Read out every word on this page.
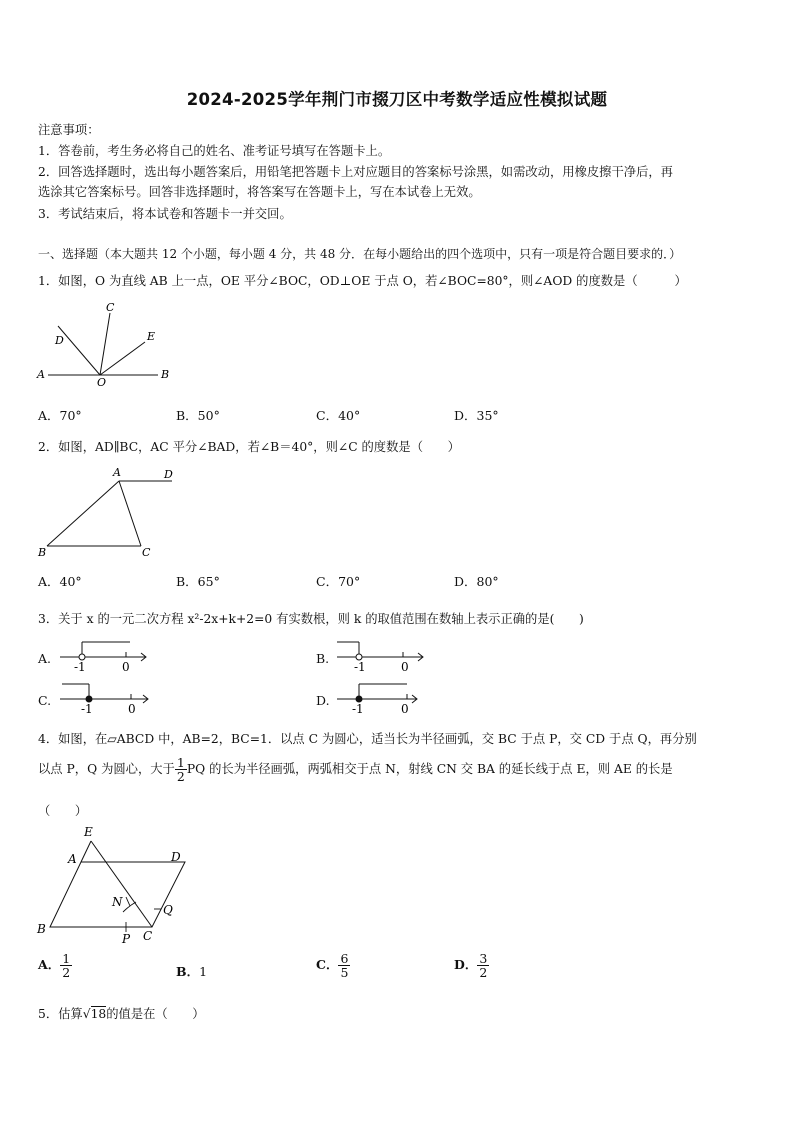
2024-2025学年荆门市掇刀区中考数学适应性模拟试题
注意事项：
1．答卷前，考生务必将自己的姓名、准考证号填写在答题卡上。
2．回答选择题时，选出每小题答案后，用铅笔把答题卡上对应题目的答案标号涂黑，如需改动，用橡皮擦干净后，再
选涂其它答案标号。回答非选择题时，将答案写在答题卡上，写在本试卷上无效。
3．考试结束后，将本试卷和答题卡一并交回。
一、选择题（本大题共 12 个小题，每小题 4 分，共 48 分．在每小题给出的四个选项中，只有一项是符合题目要求的．）
1．如图，O 为直线 AB 上一点，OE 平分∠BOC，OD⊥OE 于点 O，若∠BOC=80°，则∠AOD 的度数是（　　　）
A	B
C
D	E
O
A．70°	B．50°	C．40°	D．35°
2．如图，AD∥BC，AC 平分∠BAD，若∠B＝40°，则∠C 的度数是（　　）
A	D
B	C
A．40°	B．65°	C．70°	D．80°
3．关于 x 的一元二次方程 x²-2x+k+2=0 有实数根，则 k 的取值范围在数轴上表示正确的是(　　)
A.
-1	0
B.
-1	0
C.
-1	0
D.
-1	0
4．如图，在▱ABCD 中，AB=2，BC=1．以点 C 为圆心，适当长为半径画弧，交 BC 于点 P，交 CD 于点 Q，再分别
以点 P，Q 为圆心，大于 $\frac{1}{2}$ PQ 的长为半径画弧，两弧相交于点 N，射线 CN 交 BA 的延长线于点 E，则 AE 的长是
（　　）
E
A	D
N
Q
B
P C
A． $\frac{1}{2}$	B．1	C． $\frac{6}{5}$	D． $\frac{3}{2}$
5．估算√18的值是在（　　）
